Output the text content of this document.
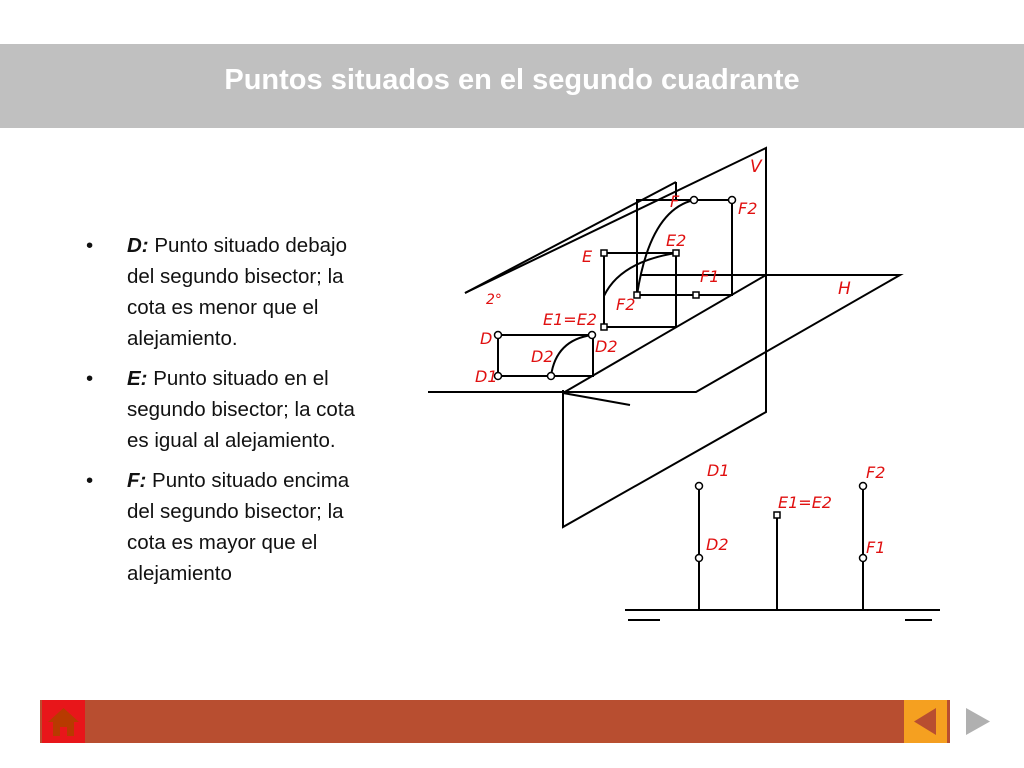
Puntos situados en el segundo cuadrante
• D: Punto situado debajo del segundo bisector; la cota es menor que el alejamiento.
• E: Punto situado en el segundo bisector; la cota es igual al alejamiento.
• F: Punto situado encima del segundo bisector; la cota es mayor que el alejamiento
V
H
2°
F	F2
E
E2
F1
F2
E1=E2
D
D2
D2
D1
D1
D2
E1=E2
F2
F1
